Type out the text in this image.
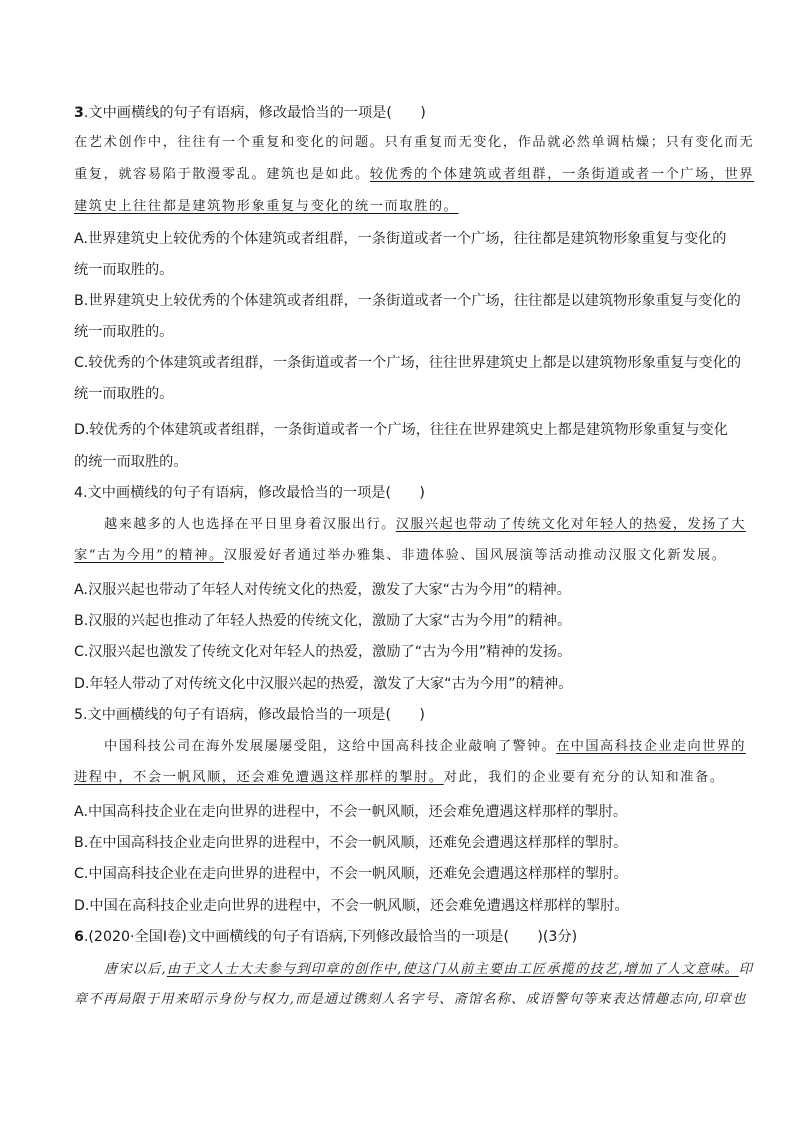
3.文中画横线的句子有语病，修改最恰当的一项是(　　)
在艺术创作中，往往有一个重复和变化的问题。只有重复而无变化，作品就必然单调枯燥；只有变化而无
重复，就容易陷于散漫零乱。建筑也是如此。较优秀的个体建筑或者组群，一条街道或者一个广场，世界
建筑史上往往都是建筑物形象重复与变化的统一而取胜的。
A.世界建筑史上较优秀的个体建筑或者组群，一条街道或者一个广场，往往都是建筑物形象重复与变化的
统一而取胜的。
B.世界建筑史上较优秀的个体建筑或者组群，一条街道或者一个广场，往往都是以建筑物形象重复与变化的
统一而取胜的。
C.较优秀的个体建筑或者组群，一条街道或者一个广场，往往世界建筑史上都是以建筑物形象重复与变化的
统一而取胜的。
D.较优秀的个体建筑或者组群，一条街道或者一个广场，往往在世界建筑史上都是建筑物形象重复与变化
的统一而取胜的。
4.文中画横线的句子有语病，修改最恰当的一项是(　　)
越来越多的人也选择在平日里身着汉服出行。汉服兴起也带动了传统文化对年轻人的热爱，发扬了大
家“古为今用”的精神。汉服爱好者通过举办雅集、非遗体验、国风展演等活动推动汉服文化新发展。
A.汉服兴起也带动了年轻人对传统文化的热爱，激发了大家“古为今用”的精神。
B.汉服的兴起也推动了年轻人热爱的传统文化，激励了大家“古为今用”的精神。
C.汉服兴起也激发了传统文化对年轻人的热爱，激励了“古为今用”精神的发扬。
D.年轻人带动了对传统文化中汉服兴起的热爱，激发了大家“古为今用”的精神。
5.文中画横线的句子有语病，修改最恰当的一项是(　　)
中国科技公司在海外发展屡屡受阻，这给中国高科技企业敲响了警钟。在中国高科技企业走向世界的
进程中，不会一帆风顺，还会难免遭遇这样那样的掣肘。对此，我们的企业要有充分的认知和准备。
A.中国高科技企业在走向世界的进程中，不会一帆风顺，还会难免遭遇这样那样的掣肘。
B.在中国高科技企业走向世界的进程中，不会一帆风顺，还难免会遭遇这样那样的掣肘。
C.中国高科技企业在走向世界的进程中，不会一帆风顺，还难免会遭遇这样那样的掣肘。
D.中国在高科技企业走向世界的进程中，不会一帆风顺，还会难免遭遇这样那样的掣肘。
6.(2020·全国Ⅰ卷)文中画横线的句子有语病,下列修改最恰当的一项是(　　)(3分)
唐宋以后,由于文人士大夫参与到印章的创作中,使这门从前主要由工匠承揽的技艺,增加了人文意味。印
章不再局限于用来昭示身份与权力,而是通过镌刻人名字号、斋馆名称、成语警句等来表达情趣志向,印章也
